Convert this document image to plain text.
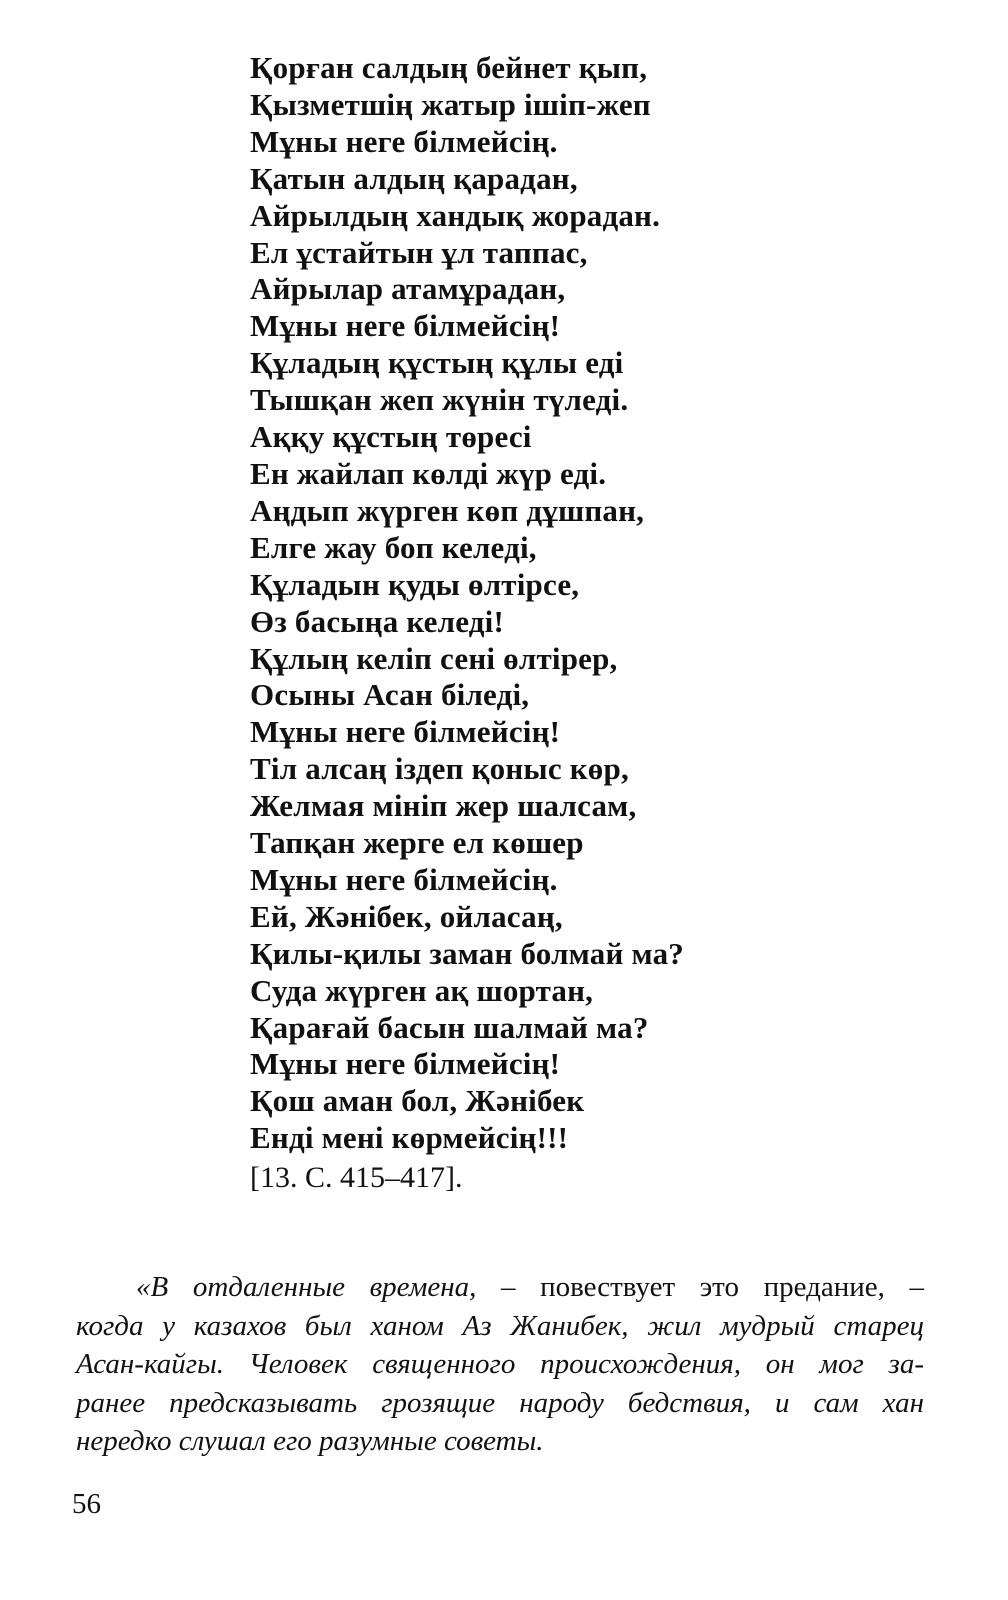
Қорған салдың бейнет қып,
Қызметшің жатыр ішіп-жеп
Мұны неге білмейсің.
Қатын алдың қарадан,
Айрылдың хандық жорадан.
Ел ұстайтын ұл таппас,
Айрылар атамұрадан,
Мұны неге білмейсің!
Құладың құстың құлы еді
Тышқан жеп жүнін түледі.
Аққу құстың төресі
Ен жайлап көлді жүр еді.
Аңдып жүрген көп дұшпан,
Елге жау боп келеді,
Құладын қуды өлтірсе,
Өз басыңа келеді!
Құлың келіп сені өлтірер,
Осыны Асан біледі,
Мұны неге білмейсің!
Тіл алсаң іздеп қоныс көр,
Желмая мініп жер шалсам,
Тапқан жерге ел көшер
Мұны неге білмейсің.
Ей, Жәнібек, ойласаң,
Қилы-қилы заман болмай ма?
Суда жүрген ақ шортан,
Қарағай басын шалмай ма?
Мұны неге білмейсің!
Қош аман бол, Жәнібек
Енді мені көрмейсің!!!
[13. С. 415–417].
«В отдаленные времена, – повествует это предание, –
когда у казахов был ханом Аз Жанибек, жил мудрый старец
Асан-кайгы. Человек священного происхождения, он мог за-
ранее предсказывать грозящие народу бедствия, и сам хан
нередко слушал его разумные советы.
56
